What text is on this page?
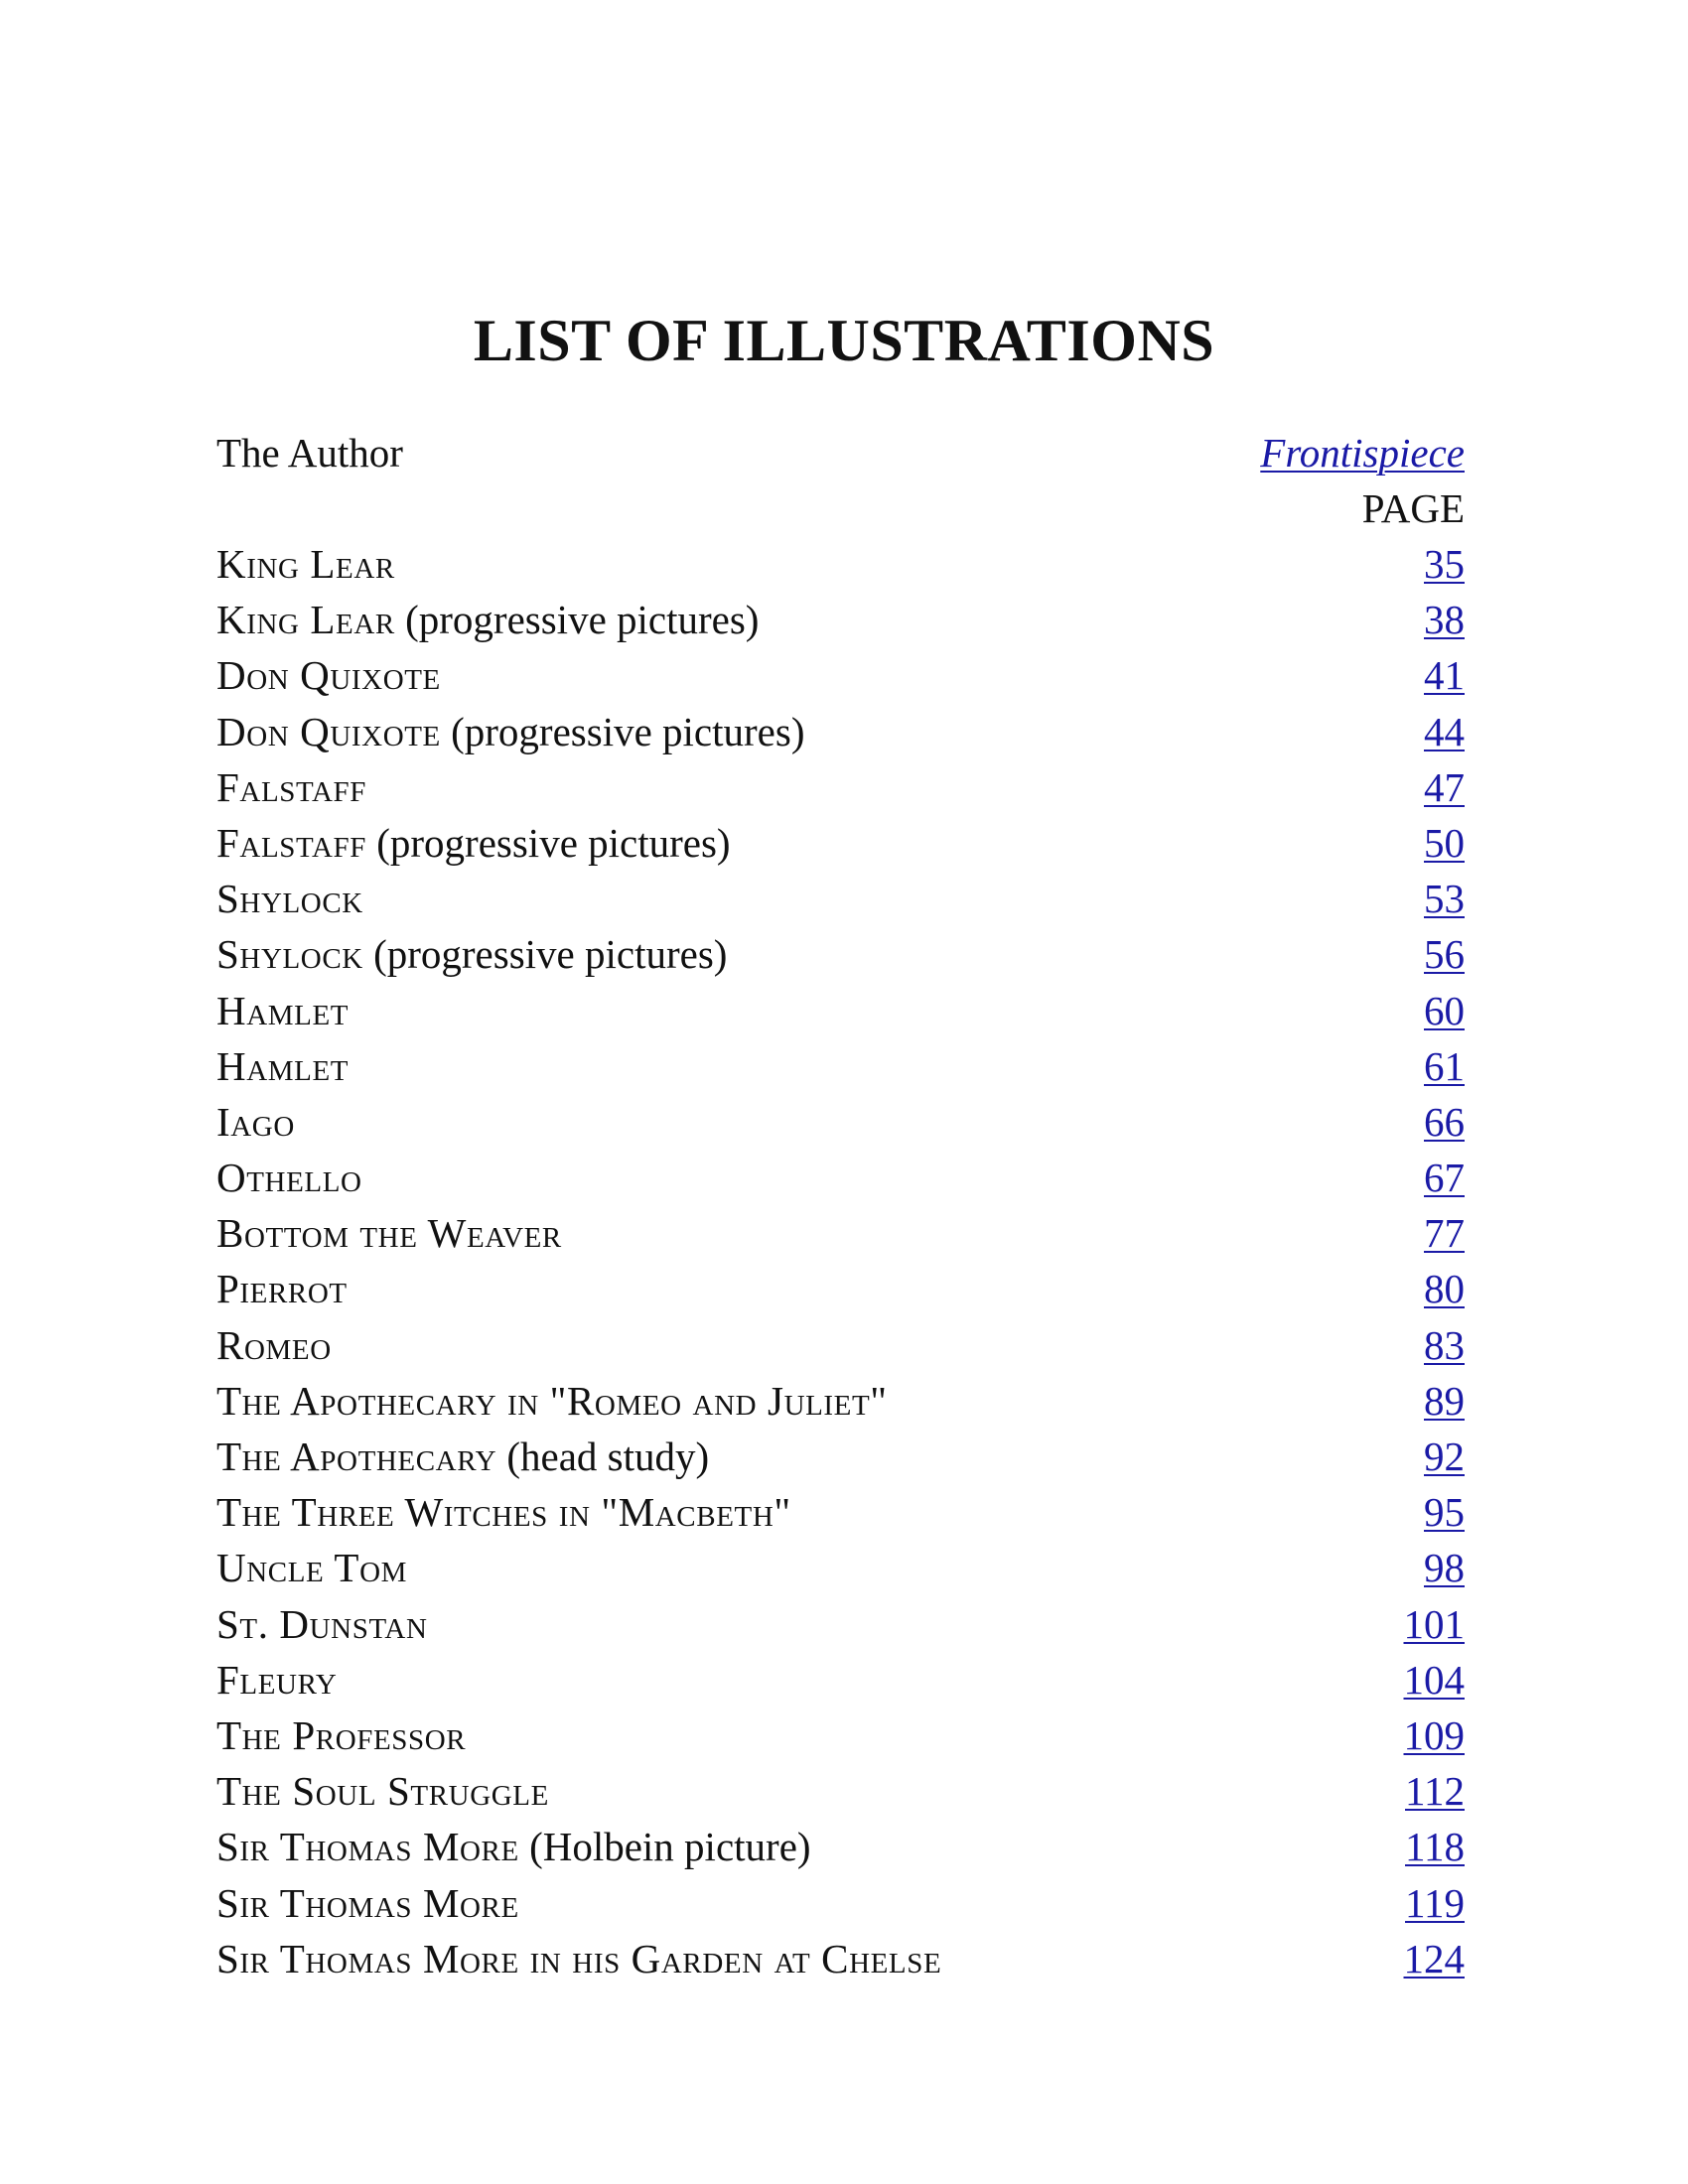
LIST OF ILLUSTRATIONS
The Author	Frontispiece
PAGE
King Lear	35
King Lear (progressive pictures)	38
Don Quixote	41
Don Quixote (progressive pictures)	44
Falstaff	47
Falstaff (progressive pictures)	50
Shylock	53
Shylock (progressive pictures)	56
Hamlet	60
Hamlet	61
Iago	66
Othello	67
Bottom the Weaver	77
Pierrot	80
Romeo	83
The Apothecary in "Romeo and Juliet"	89
The Apothecary (head study)	92
The Three Witches in "Macbeth"	95
Uncle Tom	98
St. Dunstan	101
Fleury	104
The Professor	109
The Soul Struggle	112
Sir Thomas More (Holbein picture)	118
Sir Thomas More	119
Sir Thomas More in his Garden at Chelse	124
